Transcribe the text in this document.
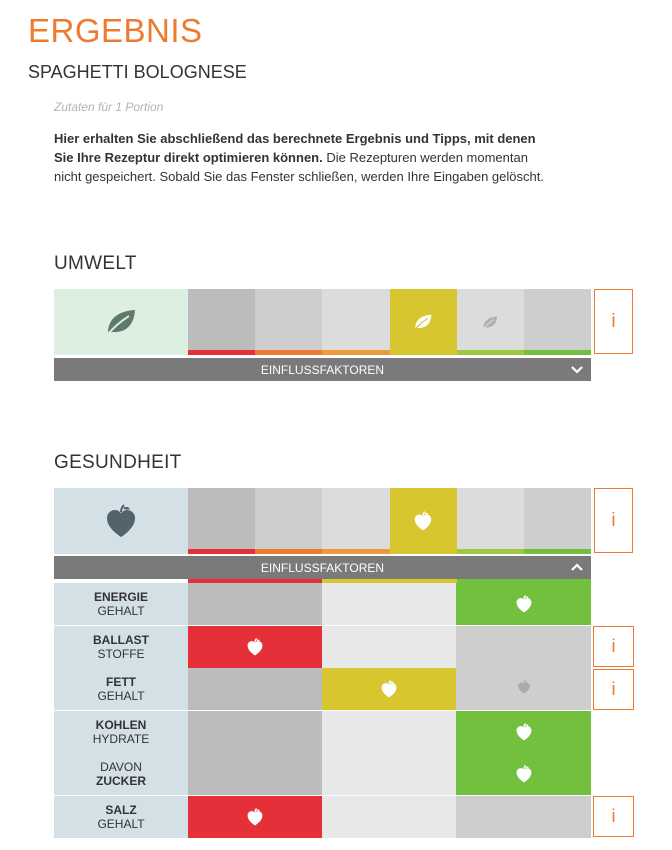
ERGEBNIS
SPAGHETTI BOLOGNESE
Zutaten für 1 Portion
Hier erhalten Sie abschließend das berechnete Ergebnis und Tipps, mit denen Sie Ihre Rezeptur direkt optimieren können. Die Rezepturen werden momentan nicht gespeichert. Sobald Sie das Fenster schließen, werden Ihre Eingaben gelöscht.
UMWELT
i
EINFLUSSFAKTOREN
GESUNDHEIT
i
EINFLUSSFAKTOREN
ENERGIE
GEHALT
BALLAST
STOFFE	i
FETT
GEHALT	i
KOHLEN
HYDRATE
DAVON
ZUCKER
SALZ
GEHALT	i
